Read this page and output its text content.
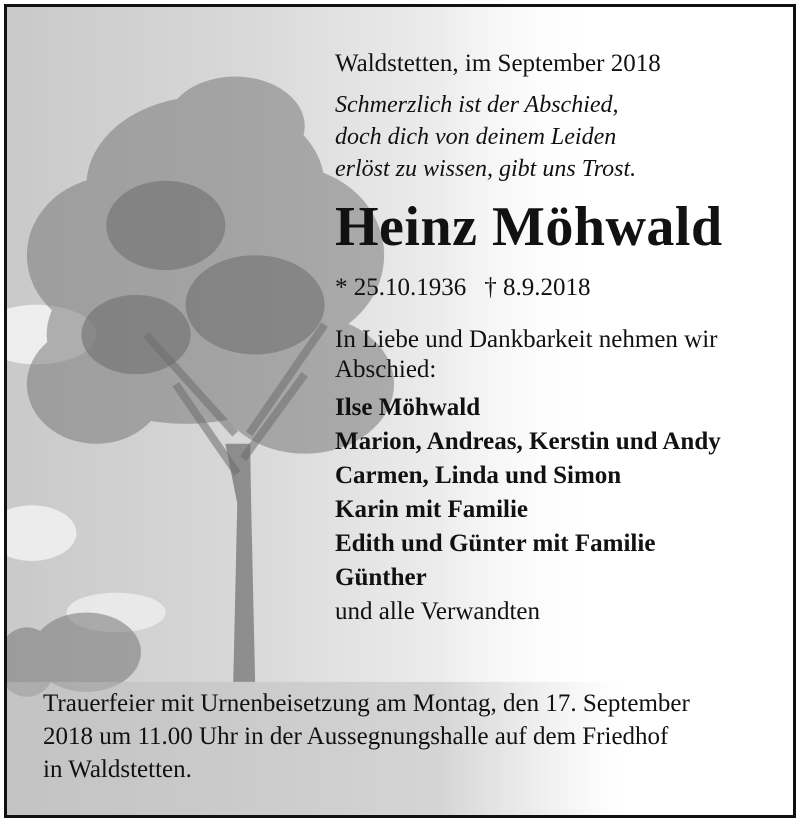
Waldstetten, im September 2018
Schmerzlich ist der Abschied,
doch dich von deinem Leiden
erlöst zu wissen, gibt uns Trost.
Heinz Möhwald
* 25.10.1936 † 8.9.2018
In Liebe und Dankbarkeit nehmen wir Abschied:
Ilse Möhwald
Marion, Andreas, Kerstin und Andy
Carmen, Linda und Simon
Karin mit Familie
Edith und Günter mit Familie
Günther
und alle Verwandten
Trauerfeier mit Urnenbeisetzung am Montag, den 17. September
2018 um 11.00 Uhr in der Aussegnungshalle auf dem Friedhof
in Waldstetten.
